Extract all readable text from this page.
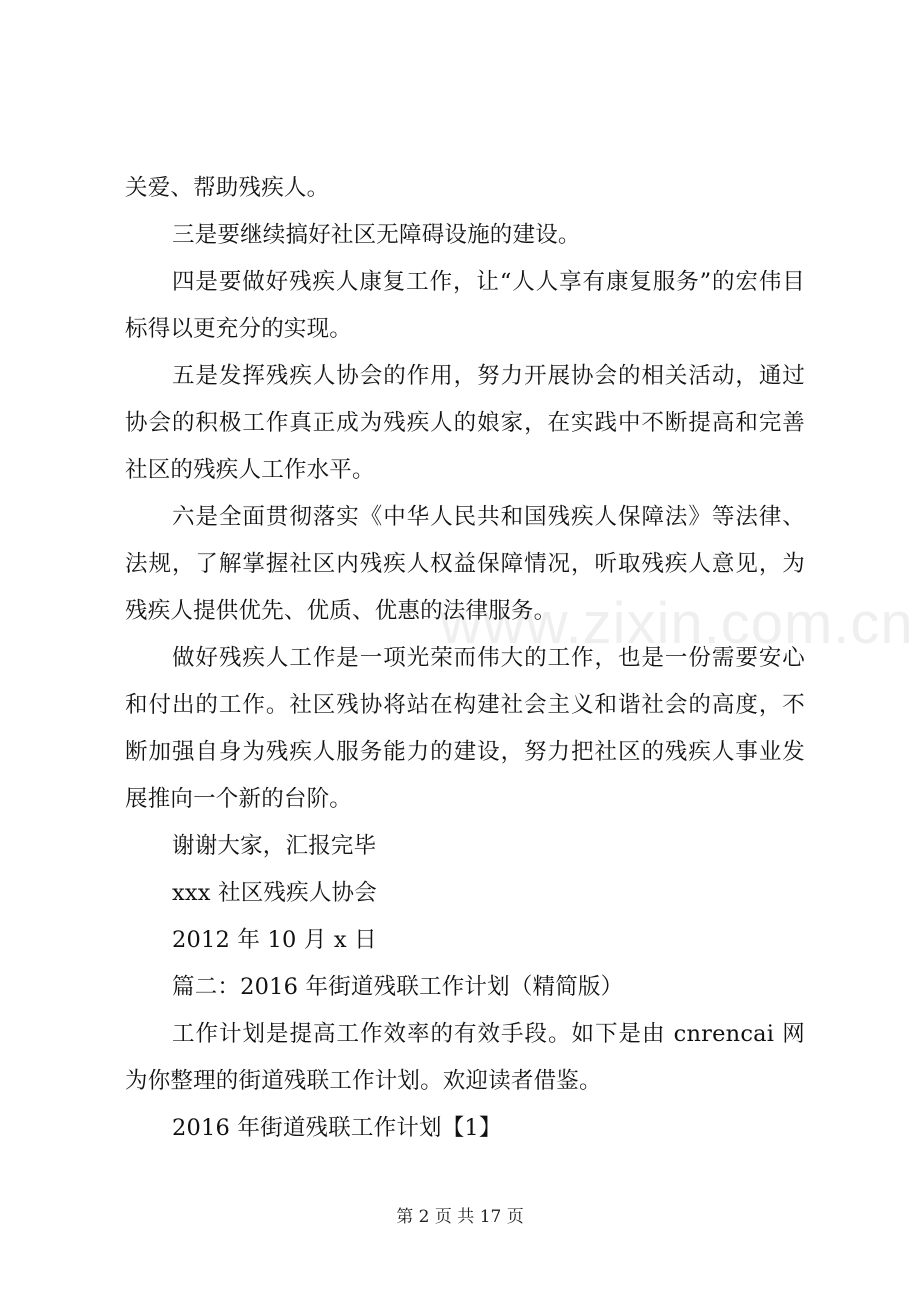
www.zixin.com.cn

关爱、帮助残疾人。

三是要继续搞好社区无障碍设施的建设。

四是要做好残疾人康复工作，让“人人享有康复服务”的宏伟目标得以更充分的实现。

五是发挥残疾人协会的作用，努力开展协会的相关活动，通过协会的积极工作真正成为残疾人的娘家，在实践中不断提高和完善社区的残疾人工作水平。

六是全面贯彻落实《中华人民共和国残疾人保障法》等法律、法规，了解掌握社区内残疾人权益保障情况，听取残疾人意见，为残疾人提供优先、优质、优惠的法律服务。

做好残疾人工作是一项光荣而伟大的工作，也是一份需要安心和付出的工作。社区残协将站在构建社会主义和谐社会的高度，不断加强自身为残疾人服务能力的建设，努力把社区的残疾人事业发展推向一个新的台阶。

谢谢大家，汇报完毕

xxx 社区残疾人协会

2012 年 10 月 x 日

篇二：2016 年街道残联工作计划（精简版）

工作计划是提高工作效率的有效手段。如下是由 cnrencai 网为你整理的街道残联工作计划。欢迎读者借鉴。

2016 年街道残联工作计划【1】

第 2 页 共 17 页
